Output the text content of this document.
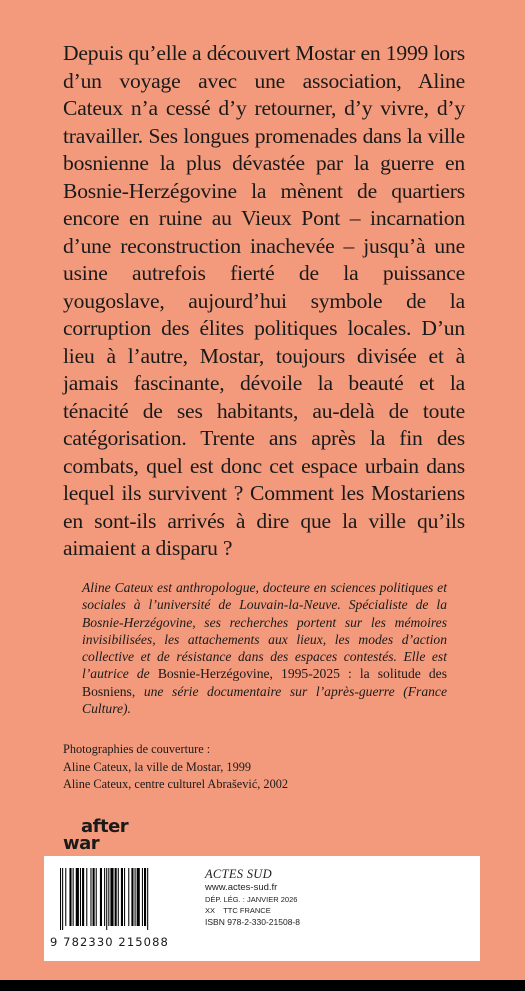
Depuis qu’elle a découvert Mostar en 1999 lors d’un voyage avec une association, Aline Cateux n’a cessé d’y retourner, d’y vivre, d’y travailler. Ses longues promenades dans la ville bosnienne la plus dévastée par la guerre en Bosnie-Herzégovine la mènent de quartiers encore en ruine au Vieux Pont – incarnation d’une reconstruction inachevée – jusqu’à une usine autrefois fierté de la puissance yougoslave, aujourd’hui symbole de la corruption des élites politiques locales. D’un lieu à l’autre, Mostar, toujours divisée et à jamais fascinante, dévoile la beauté et la ténacité de ses habitants, au-delà de toute catégorisation. Trente ans après la fin des combats, quel est donc cet espace urbain dans lequel ils survivent ? Comment les Mostariens en sont-ils arrivés à dire que la ville qu’ils aimaient a disparu ?

Aline Cateux est anthropologue, docteure en sciences politiques et sociales à l’université de Louvain-la-Neuve. Spécialiste de la Bosnie-Herzégovine, ses recherches portent sur les mémoires invisibilisées, les attachements aux lieux, les modes d’action collective et de résistance dans des espaces contestés. Elle est l’autrice de Bosnie-Herzégovine, 1995-2025 : la solitude des Bosniens, une série documentaire sur l’après-guerre (France Culture).

Photographies de couverture :
Aline Cateux, la ville de Mostar, 1999
Aline Cateux, centre culturel Abrašević, 2002
after
war
9 782330 215088
ACTES SUD
www.actes-sud.fr
DÉP. LÉG. : JANVIER 2026
XX    TTC FRANCE
ISBN 978-2-330-21508-8
